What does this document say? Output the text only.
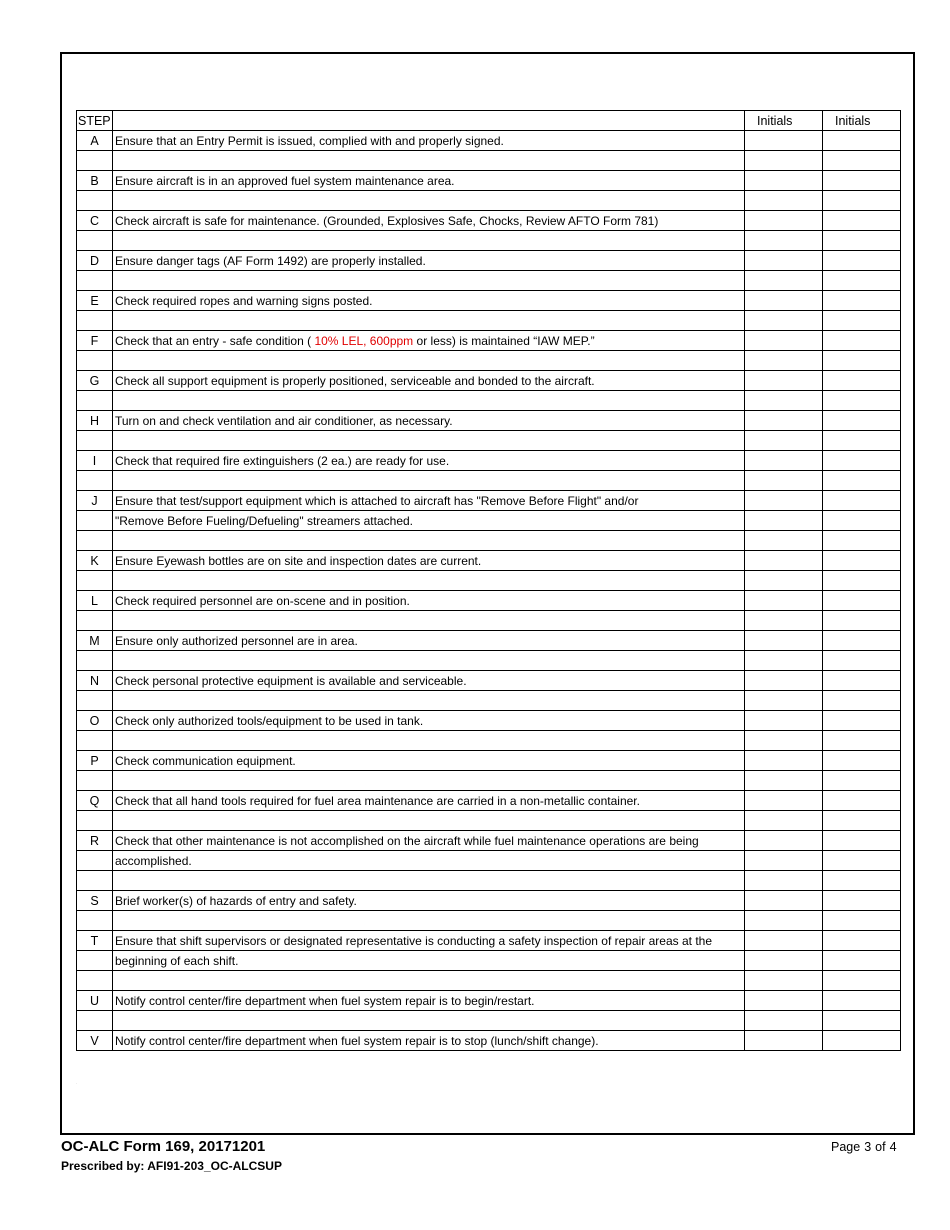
STEP		Initials	Initials
A	Ensure that an Entry Permit is issued, complied with and properly signed.		

B	Ensure aircraft is in an approved fuel system maintenance area.		

C	Check aircraft is safe for maintenance. (Grounded, Explosives Safe, Chocks, Review AFTO Form 781)		

D	Ensure danger tags (AF Form 1492) are properly installed.		

E	Check required ropes and warning signs posted.		

F	Check that an entry - safe condition ( 10% LEL, 600ppm or less) is maintained “IAW MEP.”		

G	Check all support equipment is properly positioned, serviceable and bonded to the aircraft.		

H	Turn on and check ventilation and air conditioner, as necessary.		

I	Check that required fire extinguishers (2 ea.) are ready for use.		

J	Ensure that test/support equipment which is attached to aircraft has "Remove Before Flight" and/or		
	"Remove Before Fueling/Defueling" streamers attached.		

K	Ensure Eyewash bottles are on site and inspection dates are current.		

L	Check required personnel are on-scene and in position.		

M	Ensure only authorized personnel are in area.		

N	Check personal protective equipment is available and serviceable.		

O	Check only authorized tools/equipment to be used in tank.		

P	Check communication equipment.		

Q	Check that all hand tools required for fuel area maintenance are carried in a non-metallic container.		

R	Check that other maintenance is not accomplished on the aircraft while fuel maintenance operations are being		
	accomplished.		

S	Brief worker(s) of hazards of entry and safety.		

T	Ensure that shift supervisors or designated representative is conducting a safety inspection of repair areas at the		
	beginning of each shift.		

U	Notify control center/fire department when fuel system repair is to begin/restart.		

V	Notify control center/fire department when fuel system repair is to stop (lunch/shift change).		
.
OC-ALC Form 169, 20171201
Prescribed by: AFI91-203_OC-ALCSUP
Page 3 of 4
